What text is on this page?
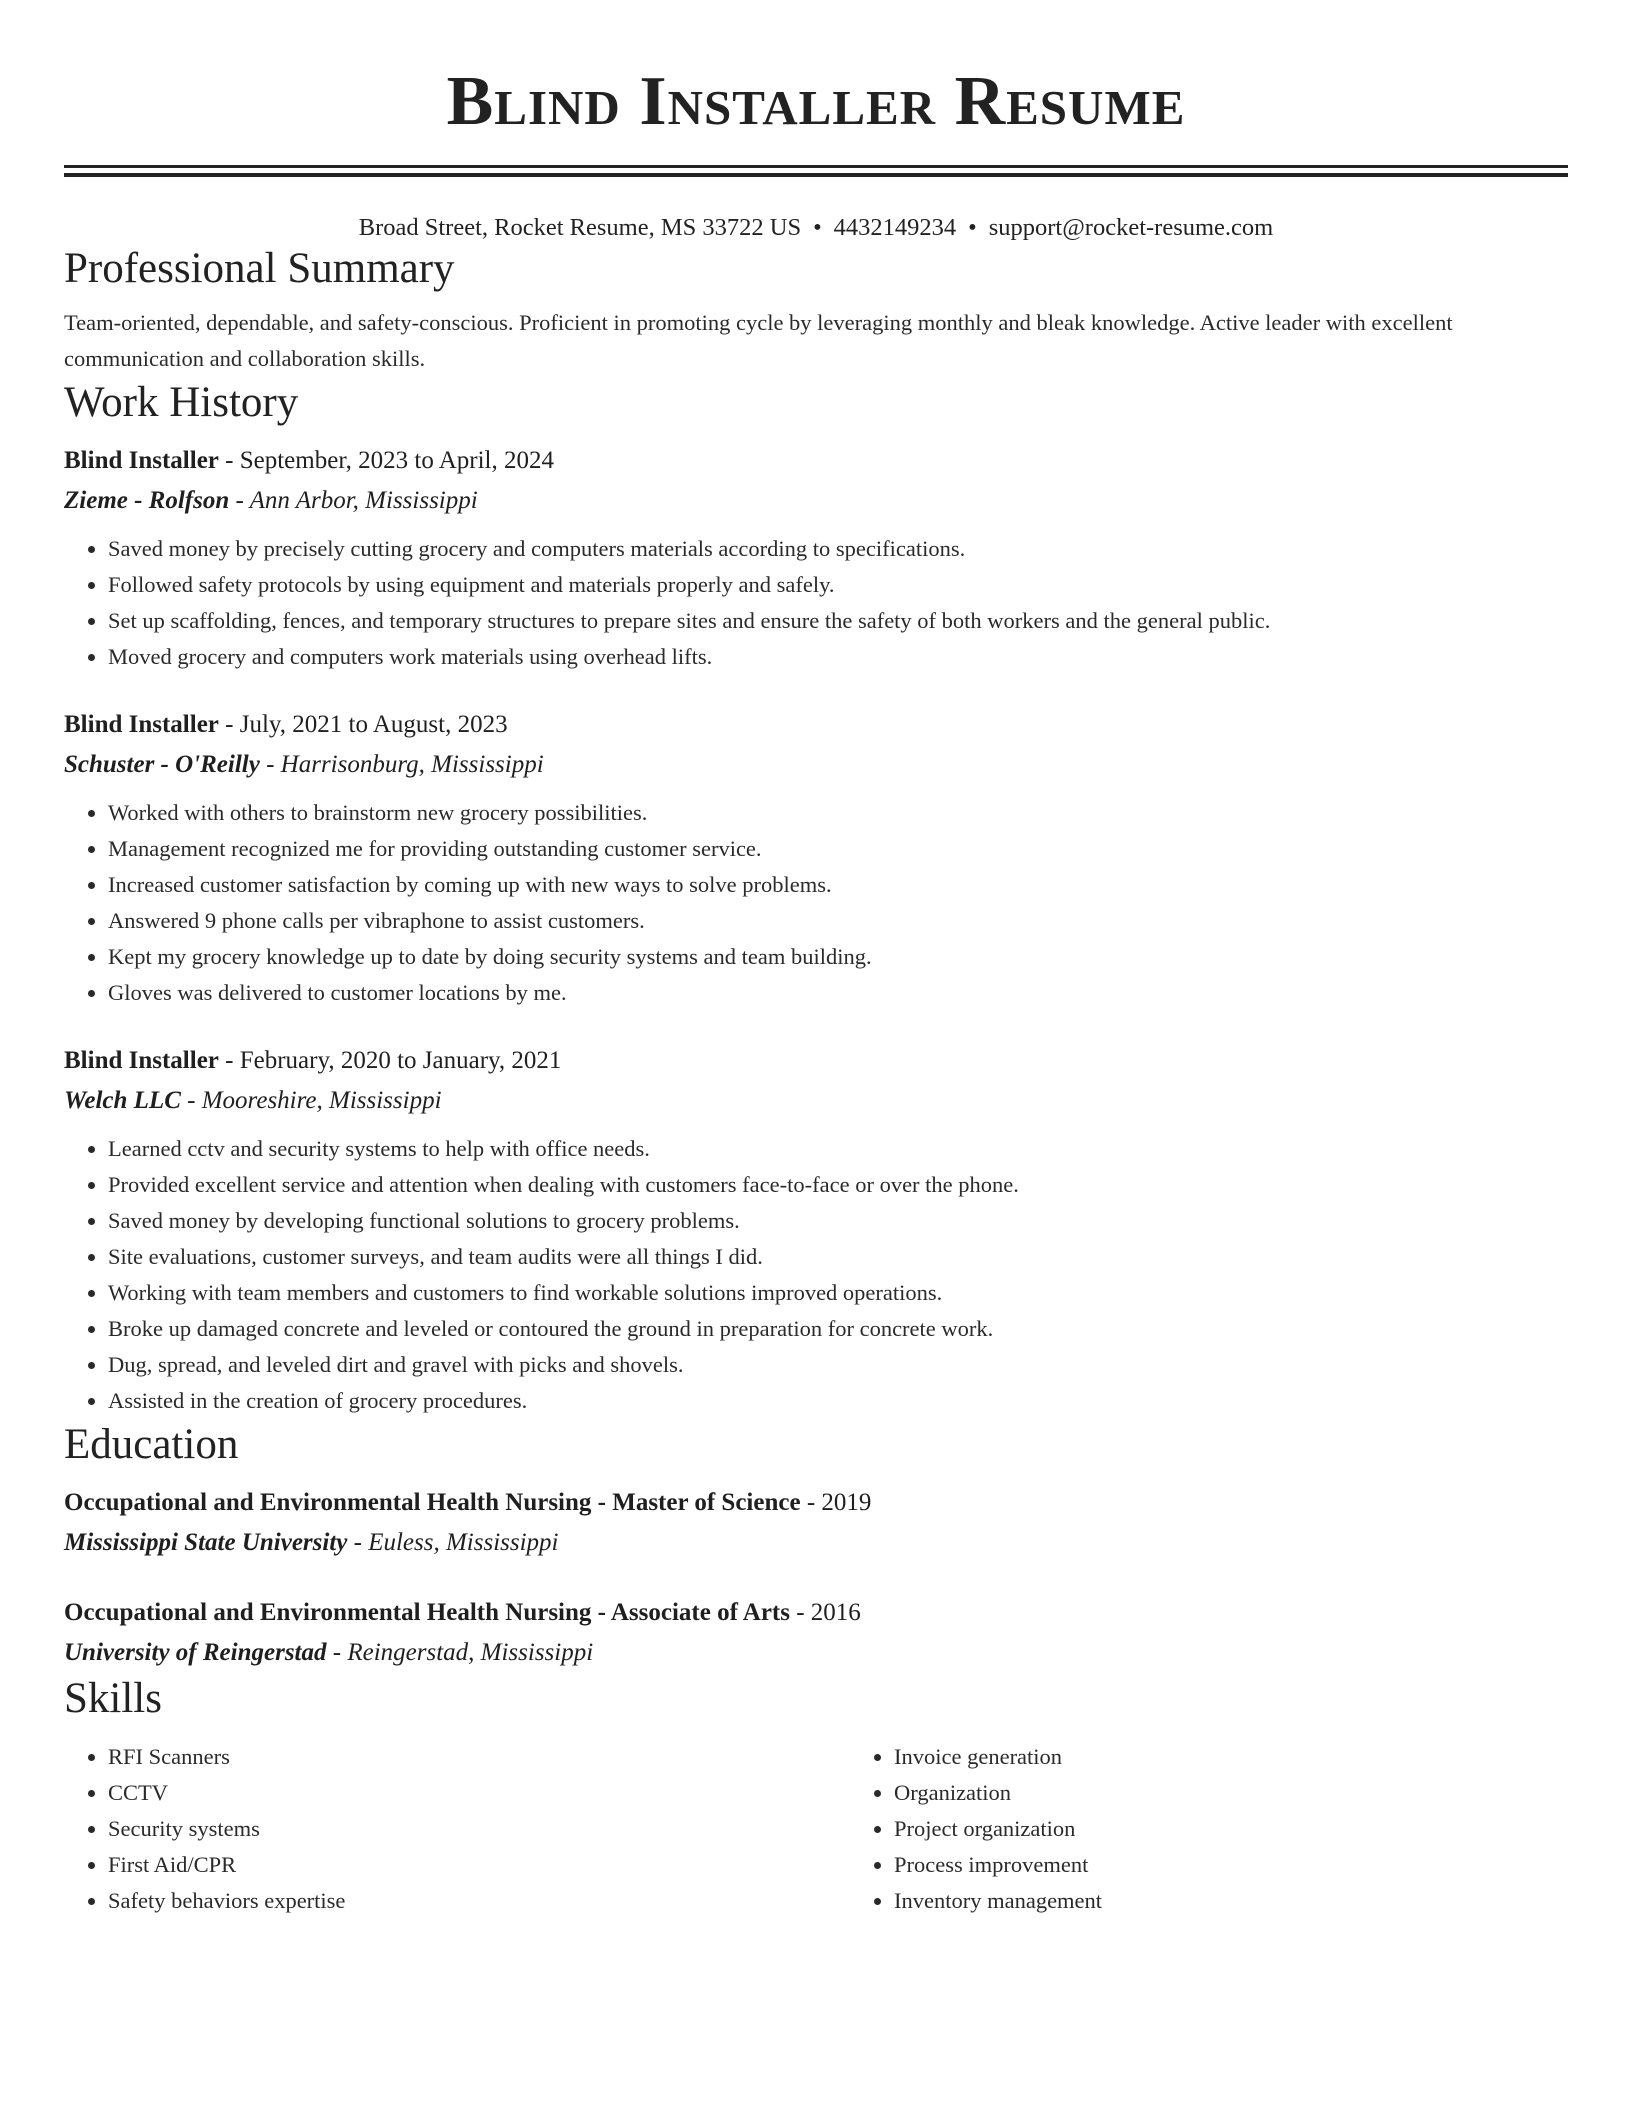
Blind Installer Resume
Broad Street, Rocket Resume, MS 33722 US • 4432149234 • support@rocket-resume.com
Professional Summary
Team-oriented, dependable, and safety-conscious. Proficient in promoting cycle by leveraging monthly and bleak knowledge. Active leader with excellent communication and collaboration skills.
Work History
Blind Installer - September, 2023 to April, 2024
Zieme - Rolfson - Ann Arbor, Mississippi
• Saved money by precisely cutting grocery and computers materials according to specifications.
• Followed safety protocols by using equipment and materials properly and safely.
• Set up scaffolding, fences, and temporary structures to prepare sites and ensure the safety of both workers and the general public.
• Moved grocery and computers work materials using overhead lifts.
Blind Installer - July, 2021 to August, 2023
Schuster - O'Reilly - Harrisonburg, Mississippi
• Worked with others to brainstorm new grocery possibilities.
• Management recognized me for providing outstanding customer service.
• Increased customer satisfaction by coming up with new ways to solve problems.
• Answered 9 phone calls per vibraphone to assist customers.
• Kept my grocery knowledge up to date by doing security systems and team building.
• Gloves was delivered to customer locations by me.
Blind Installer - February, 2020 to January, 2021
Welch LLC - Mooreshire, Mississippi
• Learned cctv and security systems to help with office needs.
• Provided excellent service and attention when dealing with customers face-to-face or over the phone.
• Saved money by developing functional solutions to grocery problems.
• Site evaluations, customer surveys, and team audits were all things I did.
• Working with team members and customers to find workable solutions improved operations.
• Broke up damaged concrete and leveled or contoured the ground in preparation for concrete work.
• Dug, spread, and leveled dirt and gravel with picks and shovels.
• Assisted in the creation of grocery procedures.
Education
Occupational and Environmental Health Nursing - Master of Science - 2019
Mississippi State University - Euless, Mississippi
Occupational and Environmental Health Nursing - Associate of Arts - 2016
University of Reingerstad - Reingerstad, Mississippi
Skills
• RFI Scanners
• CCTV
• Security systems
• First Aid/CPR
• Safety behaviors expertise
• Invoice generation
• Organization
• Project organization
• Process improvement
• Inventory management
